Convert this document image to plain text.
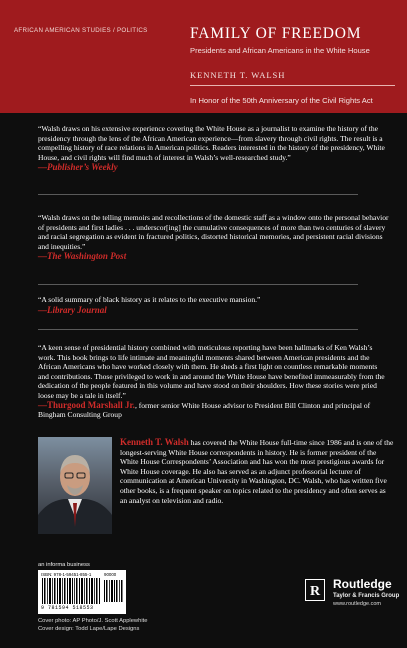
AFRICAN AMERICAN STUDIES / POLITICS	FAMILY OF FREEDOM
Presidents and African Americans in the White House
KENNETH T. WALSH
In Honor of the 50th Anniversary of the Civil Rights Act
“Walsh draws on his extensive experience covering the White House as a journalist to examine the history of the presidency through the lens of the African American experience—from slavery through civil rights. The result is a compelling history of race relations in American politics. Readers interested in the history of the presidency, White House, and civil rights will find much of interest in Walsh’s well-researched study.”
—Publisher’s Weekly
“Walsh draws on the telling memoirs and recollections of the domestic staff as a window onto the personal behavior of presidents and first ladies . . . underscor[ing] the cumulative consequences of more than two centuries of slavery and racial segregation as evident in fractured politics, distorted historical memories, and persistent racial divisions and inequities.”
—The Washington Post
“A solid summary of black history as it relates to the executive mansion.”
—Library Journal
“A keen sense of presidential history combined with meticulous reporting have been hallmarks of Ken Walsh’s work. This book brings to life intimate and meaningful moments shared between American presidents and the African Americans who have worked closely with them. He sheds a first light on countless remarkable moments and contributions. Those privileged to work in and around the White House have benefited immeasurably from the dedication of the people featured in this volume and have stood on their shoulders. How these stories were pried loose may be a tale in itself.”
—Thurgood Marshall Jr., former senior White House advisor to President Bill Clinton and principal of Bingham Consulting Group
Kenneth T. Walsh has covered the White House full-time since 1986 and is one of the longest-serving White House correspondents in history. He is former president of the White House Correspondents’ Association and has won the most prestigious awards for White House coverage. He also has served as an adjunct professorial lecturer of communication at American University in Washington, DC. Walsh, who has written five other books, is a frequent speaker on topics related to the presidency and often serves as an analyst on television and radio.
an informa business
ISBN: 978-1-59451-855-1	90000
9 781594 518553
Cover photo: AP Photo/J. Scott Applewhite
Cover design: Todd Lape/Lape Designs
R Routledge
Taylor & Francis Group
www.routledge.com
